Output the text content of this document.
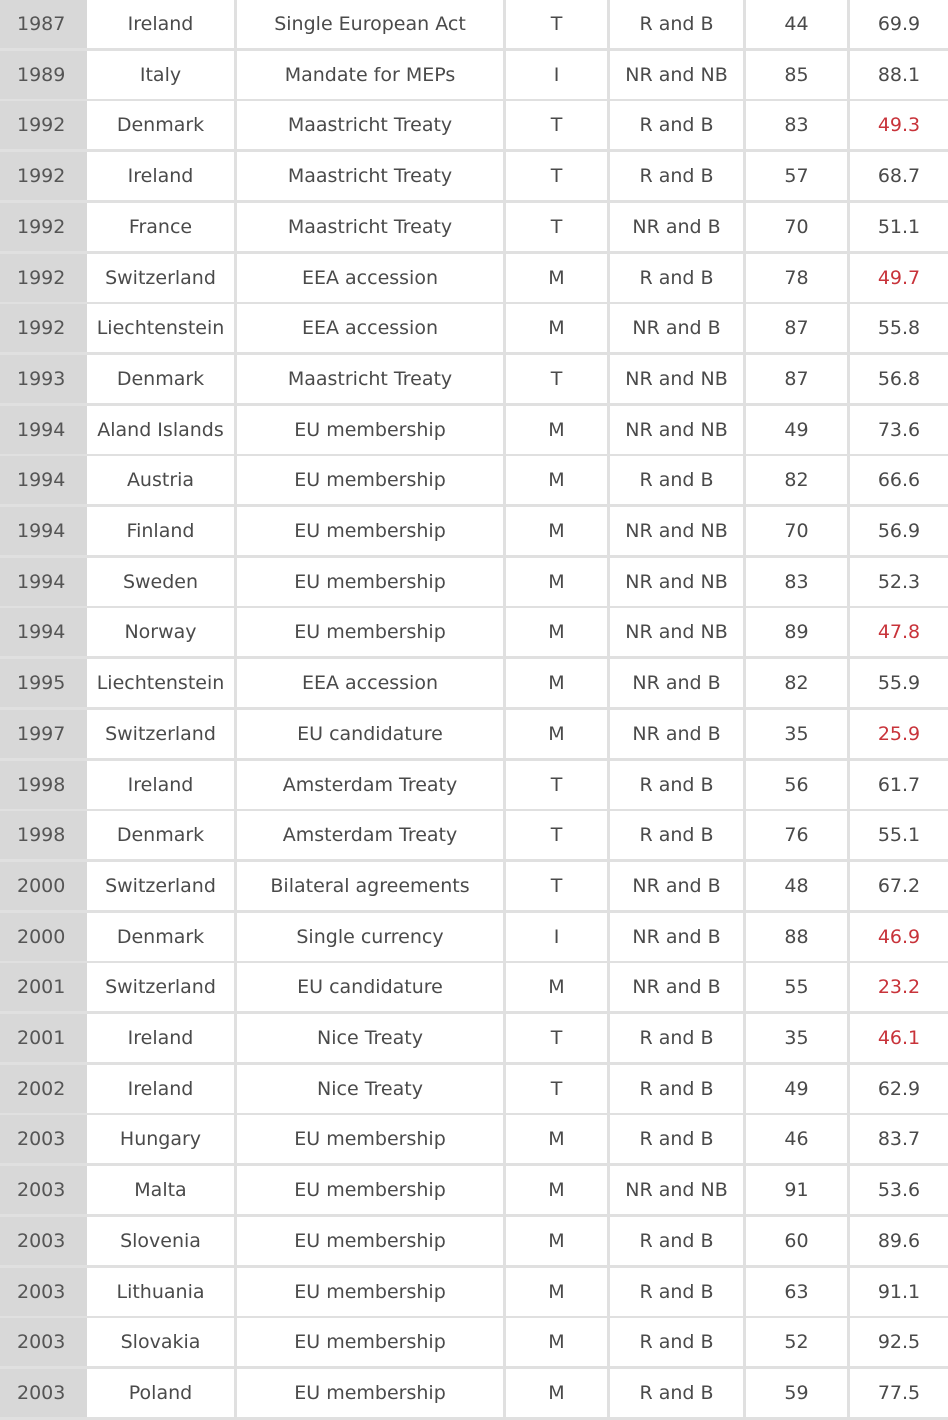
1987	Ireland	Single European Act	T	R and B	44	69.9
1989	Italy	Mandate for MEPs	I	NR and NB	85	88.1
1992	Denmark	Maastricht Treaty	T	R and B	83	49.3
1992	Ireland	Maastricht Treaty	T	R and B	57	68.7
1992	France	Maastricht Treaty	T	NR and B	70	51.1
1992	Switzerland	EEA accession	M	R and B	78	49.7
1992	Liechtenstein	EEA accession	M	NR and B	87	55.8
1993	Denmark	Maastricht Treaty	T	NR and NB	87	56.8
1994	Aland Islands	EU membership	M	NR and NB	49	73.6
1994	Austria	EU membership	M	R and B	82	66.6
1994	Finland	EU membership	M	NR and NB	70	56.9
1994	Sweden	EU membership	M	NR and NB	83	52.3
1994	Norway	EU membership	M	NR and NB	89	47.8
1995	Liechtenstein	EEA accession	M	NR and B	82	55.9
1997	Switzerland	EU candidature	M	NR and B	35	25.9
1998	Ireland	Amsterdam Treaty	T	R and B	56	61.7
1998	Denmark	Amsterdam Treaty	T	R and B	76	55.1
2000	Switzerland	Bilateral agreements	T	NR and B	48	67.2
2000	Denmark	Single currency	I	NR and B	88	46.9
2001	Switzerland	EU candidature	M	NR and B	55	23.2
2001	Ireland	Nice Treaty	T	R and B	35	46.1
2002	Ireland	Nice Treaty	T	R and B	49	62.9
2003	Hungary	EU membership	M	R and B	46	83.7
2003	Malta	EU membership	M	NR and NB	91	53.6
2003	Slovenia	EU membership	M	R and B	60	89.6
2003	Lithuania	EU membership	M	R and B	63	91.1
2003	Slovakia	EU membership	M	R and B	52	92.5
2003	Poland	EU membership	M	R and B	59	77.5
